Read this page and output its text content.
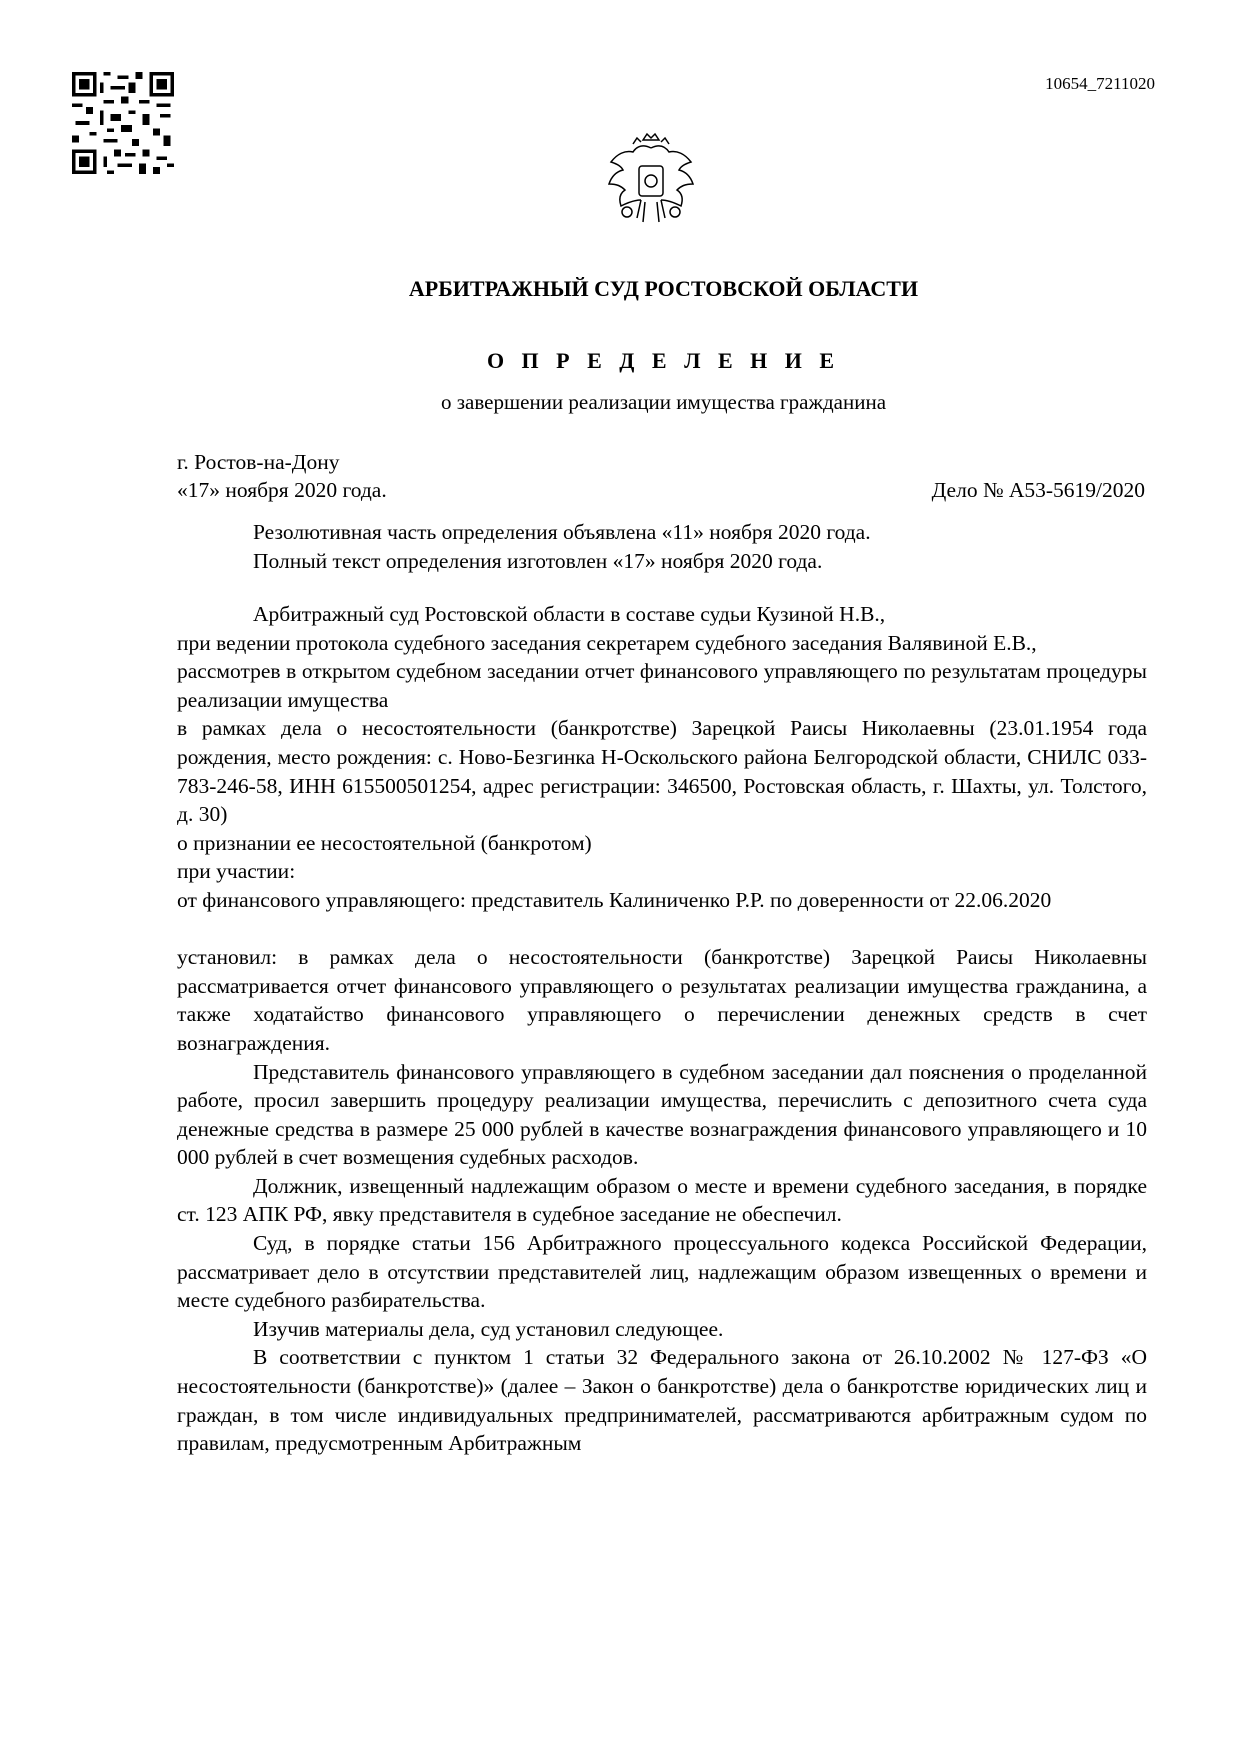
10654_7211020
АРБИТРАЖНЫЙ СУД РОСТОВСКОЙ ОБЛАСТИ
О П Р Е Д Е Л Е Н И Е
о завершении реализации имущества гражданина
г. Ростов-на-Дону
«17» ноября 2020 года.	Дело № А53-5619/2020
Резолютивная часть определения объявлена «11» ноября 2020 года.
Полный текст определения изготовлен «17» ноября 2020 года.

Арбитражный суд Ростовской области в составе судьи Кузиной Н.В.,

при ведении протокола судебного заседания секретарем судебного заседания Валявиной Е.В.,

рассмотрев в открытом судебном заседании отчет финансового управляющего по результатам процедуры реализации имущества

в рамках дела о несостоятельности (банкротстве) Зарецкой Раисы Николаевны (23.01.1954 года рождения, место рождения: с. Ново-Безгинка Н-Оскольского района Белгородской области, СНИЛС 033-783-246-58, ИНН 615500501254, адрес регистрации: 346500, Ростовская область, г. Шахты, ул. Толстого, д. 30)

о признании ее несостоятельной (банкротом)

при участии:

от финансового управляющего: представитель Калиниченко Р.Р. по доверенности от 22.06.2020

установил: в рамках дела о несостоятельности (банкротстве) Зарецкой Раисы Николаевны рассматривается отчет финансового управляющего о результатах реализации имущества гражданина, а также ходатайство финансового управляющего о перечислении денежных средств в счет вознаграждения.

Представитель финансового управляющего в судебном заседании дал пояснения о проделанной работе, просил завершить процедуру реализации имущества, перечислить с депозитного счета суда денежные средства в размере 25 000 рублей в качестве вознаграждения финансового управляющего и 10 000 рублей в счет возмещения судебных расходов.

Должник, извещенный надлежащим образом о месте и времени судебного заседания, в порядке ст. 123 АПК РФ, явку представителя в судебное заседание не обеспечил.

Суд, в порядке статьи 156 Арбитражного процессуального кодекса Российской Федерации, рассматривает дело в отсутствии представителей лиц, надлежащим образом извещенных о времени и месте судебного разбирательства.

Изучив материалы дела, суд установил следующее.

В соответствии с пунктом 1 статьи 32 Федерального закона от 26.10.2002 № 127-ФЗ «О несостоятельности (банкротстве)» (далее – Закон о банкротстве) дела о банкротстве юридических лиц и граждан, в том числе индивидуальных предпринимателей, рассматриваются арбитражным судом по правилам, предусмотренным Арбитражным
